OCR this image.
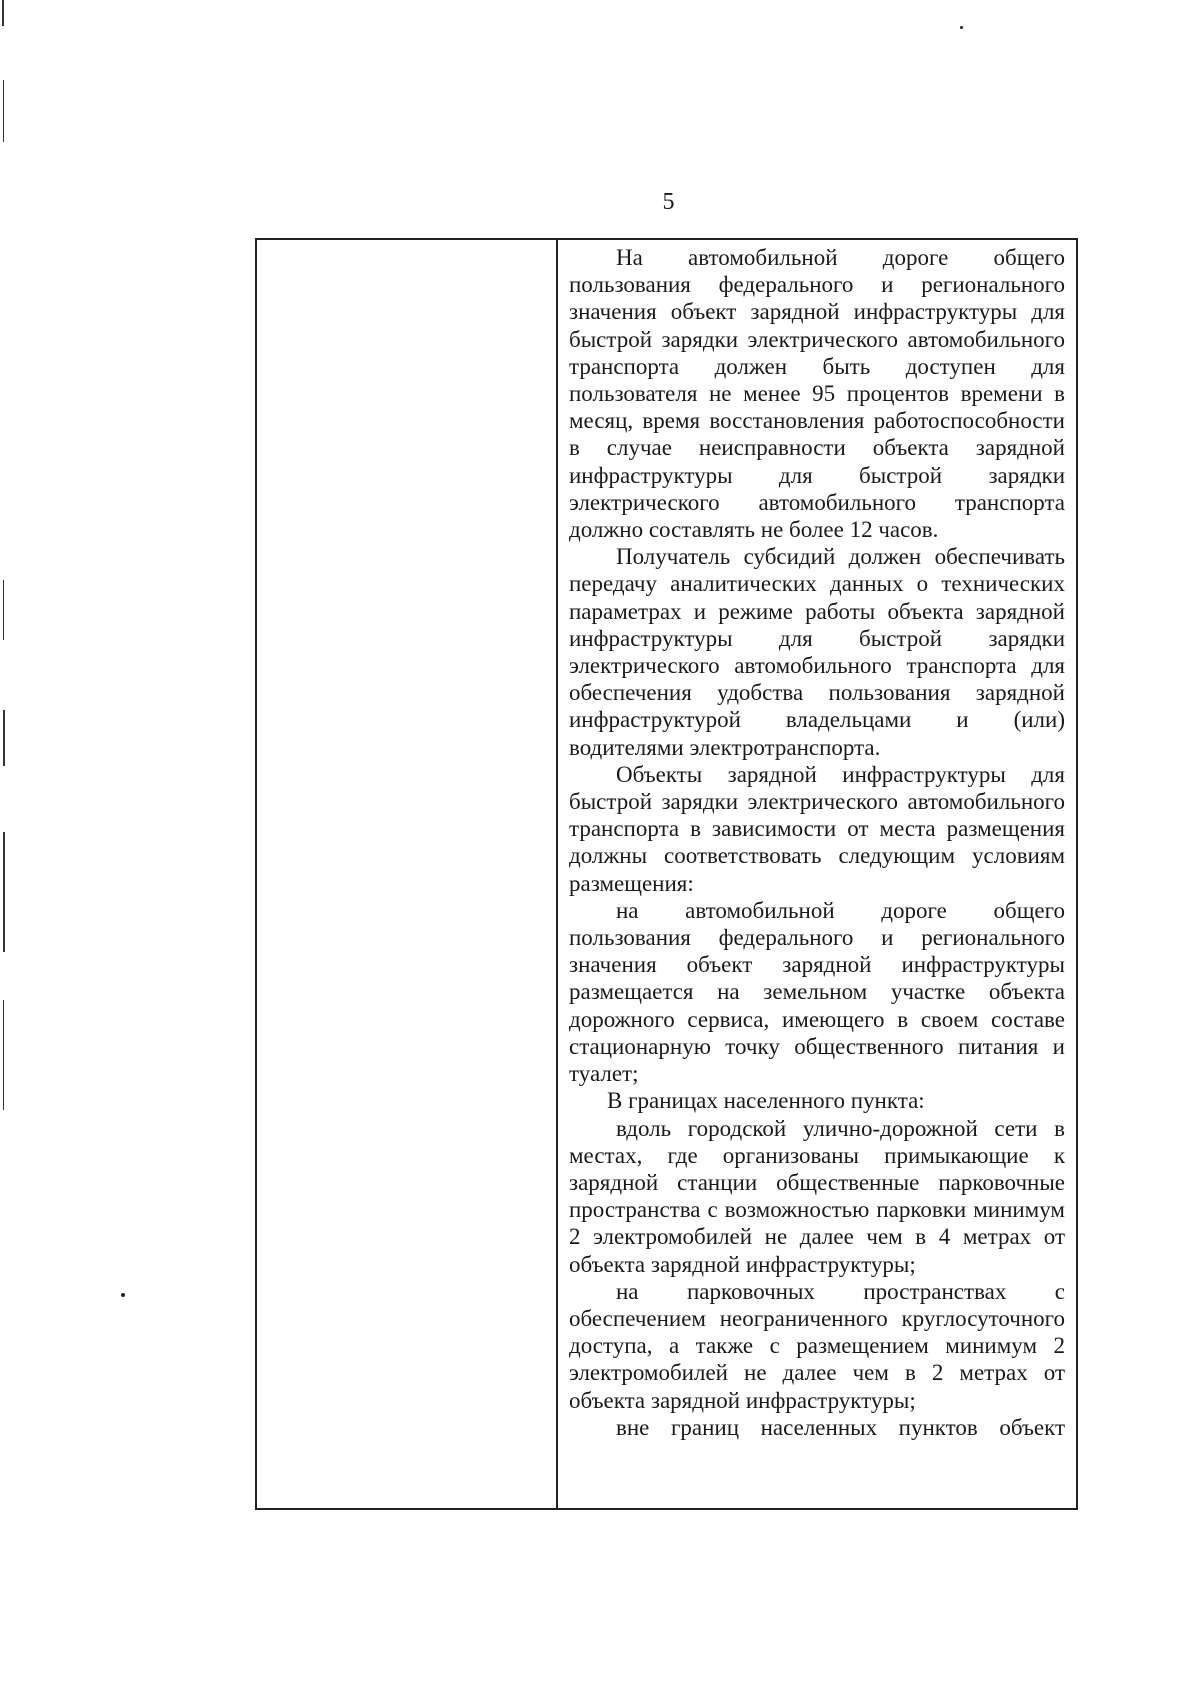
5

На автомобильной дороге общего пользования федерального и регионального значения объект зарядной инфраструктуры для быстрой зарядки электрического автомобильного транспорта должен быть доступен для пользователя не менее 95 процентов времени в месяц, время восстановления работоспособности в случае неисправности объекта зарядной инфраструктуры для быстрой зарядки электрического автомобильного транспорта должно составлять не более 12 часов.

Получатель субсидий должен обеспечивать передачу аналитических данных о технических параметрах и режиме работы объекта зарядной инфраструктуры для быстрой зарядки электрического автомобильного транспорта для обеспечения удобства пользования зарядной инфраструктурой владельцами и (или) водителями электротранспорта.

Объекты зарядной инфраструктуры для быстрой зарядки электрического автомобильного транспорта в зависимости от места размещения должны соответствовать следующим условиям размещения:

на автомобильной дороге общего пользования федерального и регионального значения объект зарядной инфраструктуры размещается на земельном участке объекта дорожного сервиса, имеющего в своем составе стационарную точку общественного питания и туалет;

В границах населенного пункта:

вдоль городской улично-дорожной сети в местах, где организованы примыкающие к зарядной станции общественные парковочные пространства с возможностью парковки минимум 2 электромобилей не далее чем в 4 метрах от объекта зарядной инфраструктуры;

на парковочных пространствах с обеспечением неограниченного круглосуточного доступа, а также с размещением минимум 2 электромобилей не далее чем в 2 метрах от объекта зарядной инфраструктуры;

вне границ населенных пунктов объект
